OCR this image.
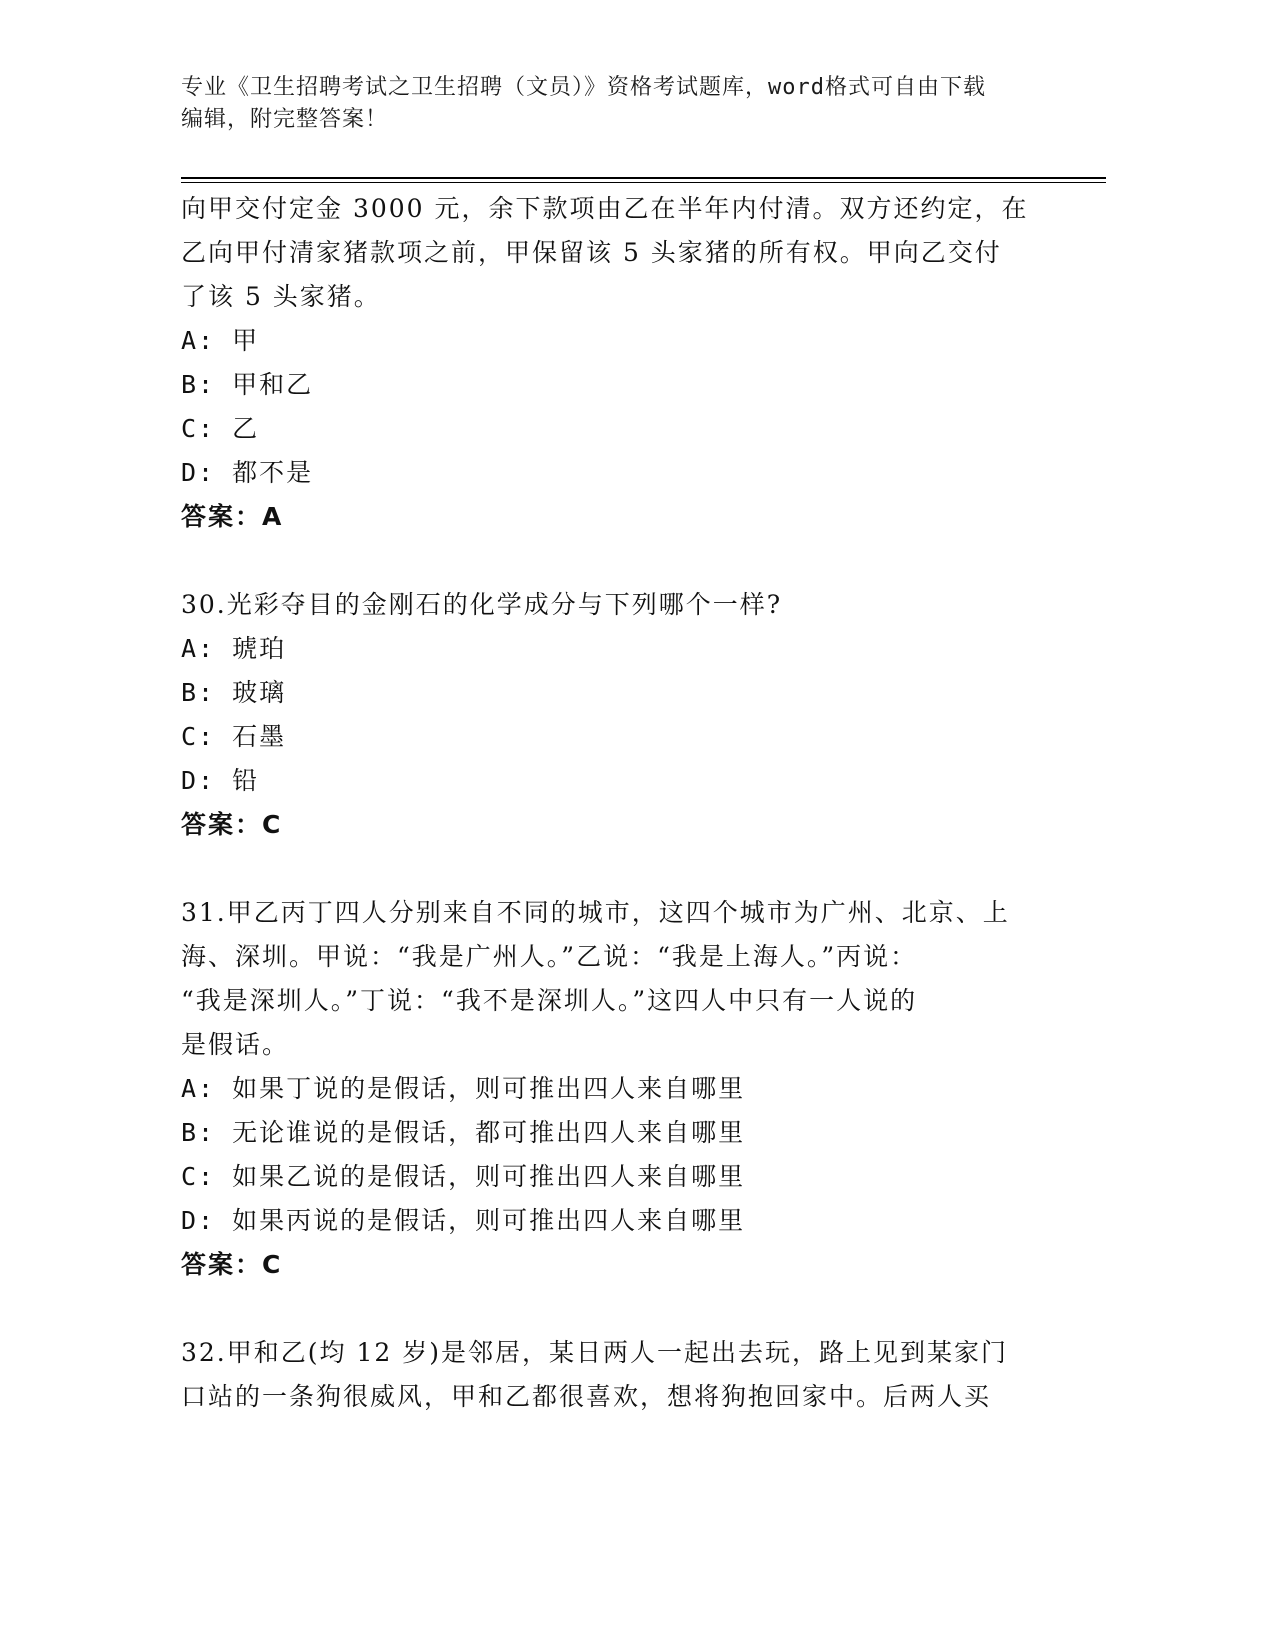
专业《卫生招聘考试之卫生招聘（文员）》资格考试题库，word格式可自由下载
编辑，附完整答案！

向甲交付定金 3000 元，余下款项由乙在半年内付清。双方还约定，在

乙向甲付清家猪款项之前，甲保留该 5 头家猪的所有权。甲向乙交付

了该 5 头家猪。

A: 甲

B: 甲和乙

C: 乙

D: 都不是

答案：A

30.光彩夺目的金刚石的化学成分与下列哪个一样?

A: 琥珀

B: 玻璃

C: 石墨

D: 铅

答案：C

31.甲乙丙丁四人分别来自不同的城市，这四个城市为广州、北京、上

海、深圳。甲说：“我是广州人。”乙说：“我是上海人。”丙说：

“我是深圳人。”丁说：“我不是深圳人。”这四人中只有一人说的

是假话。

A: 如果丁说的是假话，则可推出四人来自哪里

B: 无论谁说的是假话，都可推出四人来自哪里

C: 如果乙说的是假话，则可推出四人来自哪里

D: 如果丙说的是假话，则可推出四人来自哪里

答案：C

32.甲和乙(均 12 岁)是邻居，某日两人一起出去玩，路上见到某家门

口站的一条狗很威风，甲和乙都很喜欢，想将狗抱回家中。后两人买
